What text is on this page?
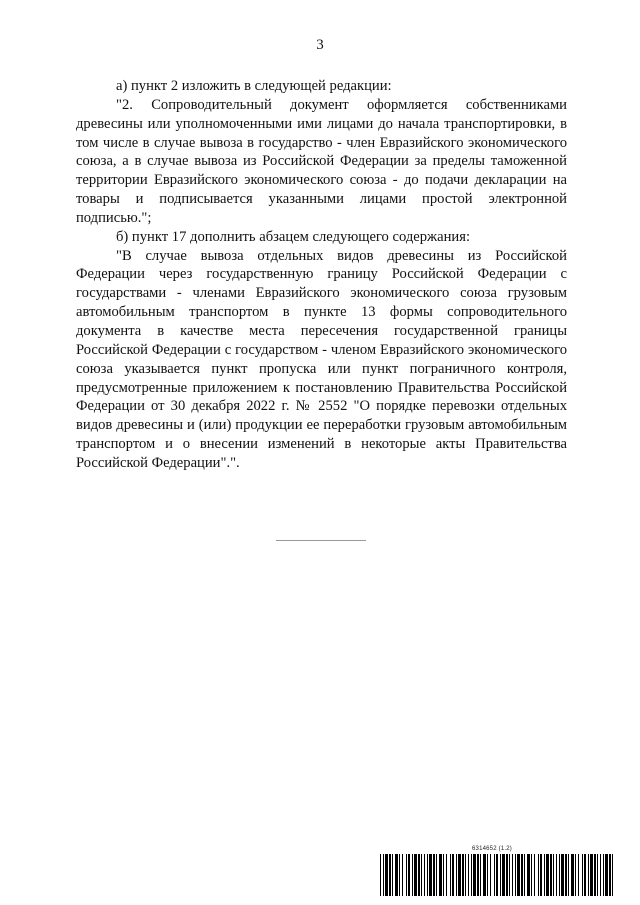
3

а) пункт 2 изложить в следующей редакции:

"2. Сопроводительный документ оформляется собственниками древесины или уполномоченными ими лицами до начала транспортировки, в том числе в случае вывоза в государство - член Евразийского экономического союза, а в случае вывоза из Российской Федерации за пределы таможенной территории Евразийского экономического союза - до подачи декларации на товары и подписывается указанными лицами простой электронной подписью.";

б) пункт 17 дополнить абзацем следующего содержания:

"В случае вывоза отдельных видов древесины из Российской Федерации через государственную границу Российской Федерации с государствами - членами Евразийского экономического союза грузовым автомобильным транспортом в пункте 13 формы сопроводительного документа в качестве места пересечения государственной границы Российской Федерации с государством - членом Евразийского экономического союза указывается пункт пропуска или пункт пограничного контроля, предусмотренные приложением к постановлению Правительства Российской Федерации от 30 декабря 2022 г. № 2552 "О порядке перевозки отдельных видов древесины и (или) продукции ее переработки грузовым автомобильным транспортом и о внесении изменений в некоторые акты Правительства Российской Федерации".".

6314652 (1.2)
